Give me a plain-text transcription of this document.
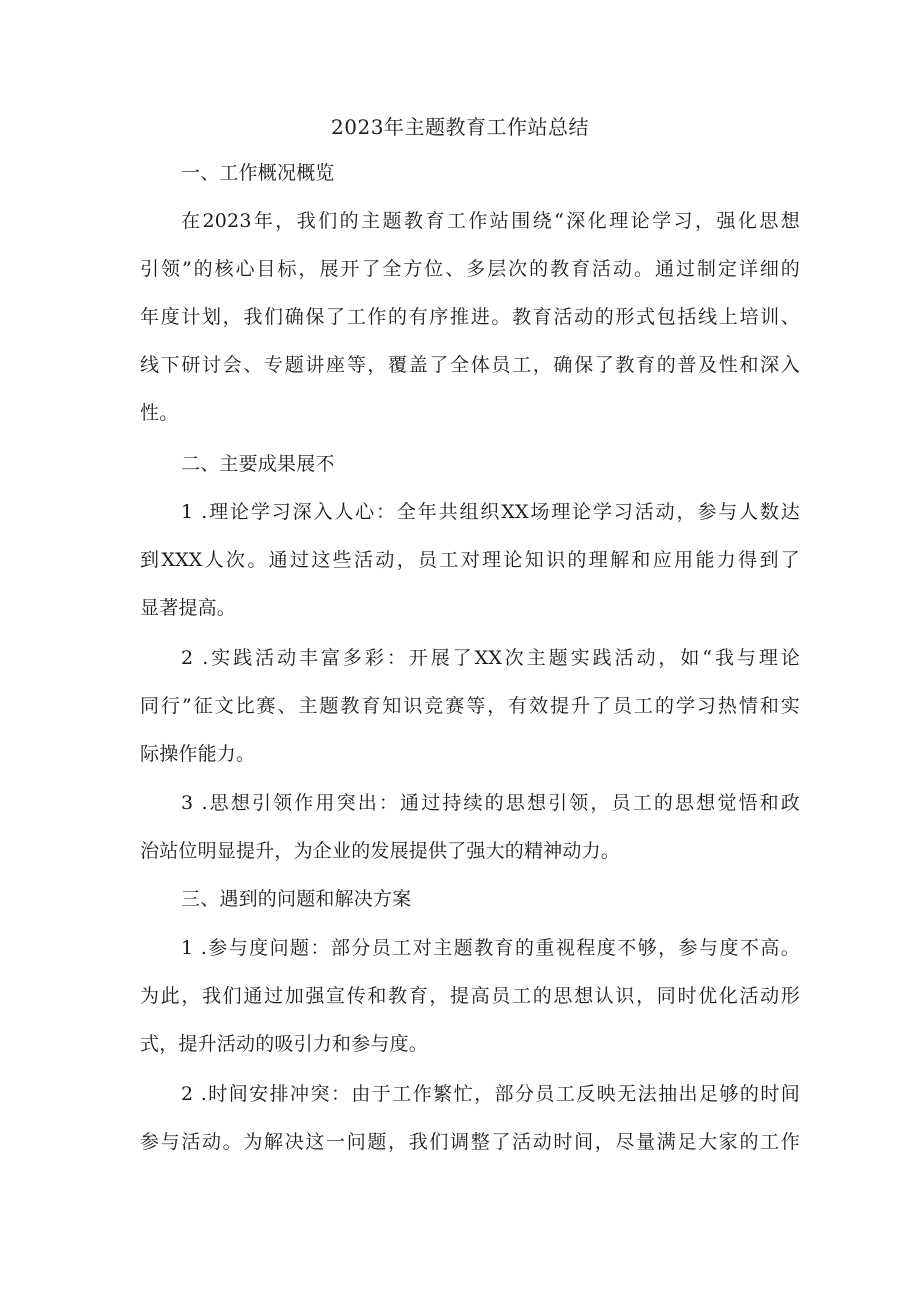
2023年主题教育工作站总结
一、工作概况概览
在2023年，我们的主题教育工作站围绕“深化理论学习，强化思想
引领”的核心目标，展开了全方位、多层次的教育活动。通过制定详细的
年度计划，我们确保了工作的有序推进。教育活动的形式包括线上培训、
线下研讨会、专题讲座等，覆盖了全体员工，确保了教育的普及性和深入
性。
二、主要成果展不
1 .理论学习深入人心：全年共组织XX场理论学习活动，参与人数达
到XXX人次。通过这些活动，员工对理论知识的理解和应用能力得到了
显著提高。
2 .实践活动丰富多彩：开展了XX次主题实践活动，如“我与理论
同行”征文比赛、主题教育知识竞赛等，有效提升了员工的学习热情和实
际操作能力。
3 .思想引领作用突出：通过持续的思想引领，员工的思想觉悟和政
治站位明显提升，为企业的发展提供了强大的精神动力。
三、遇到的问题和解决方案
1 .参与度问题：部分员工对主题教育的重视程度不够，参与度不高。
为此，我们通过加强宣传和教育，提高员工的思想认识，同时优化活动形
式，提升活动的吸引力和参与度。
2 .时间安排冲突：由于工作繁忙，部分员工反映无法抽出足够的时间
参与活动。为解决这一问题，我们调整了活动时间，尽量满足大家的工作
